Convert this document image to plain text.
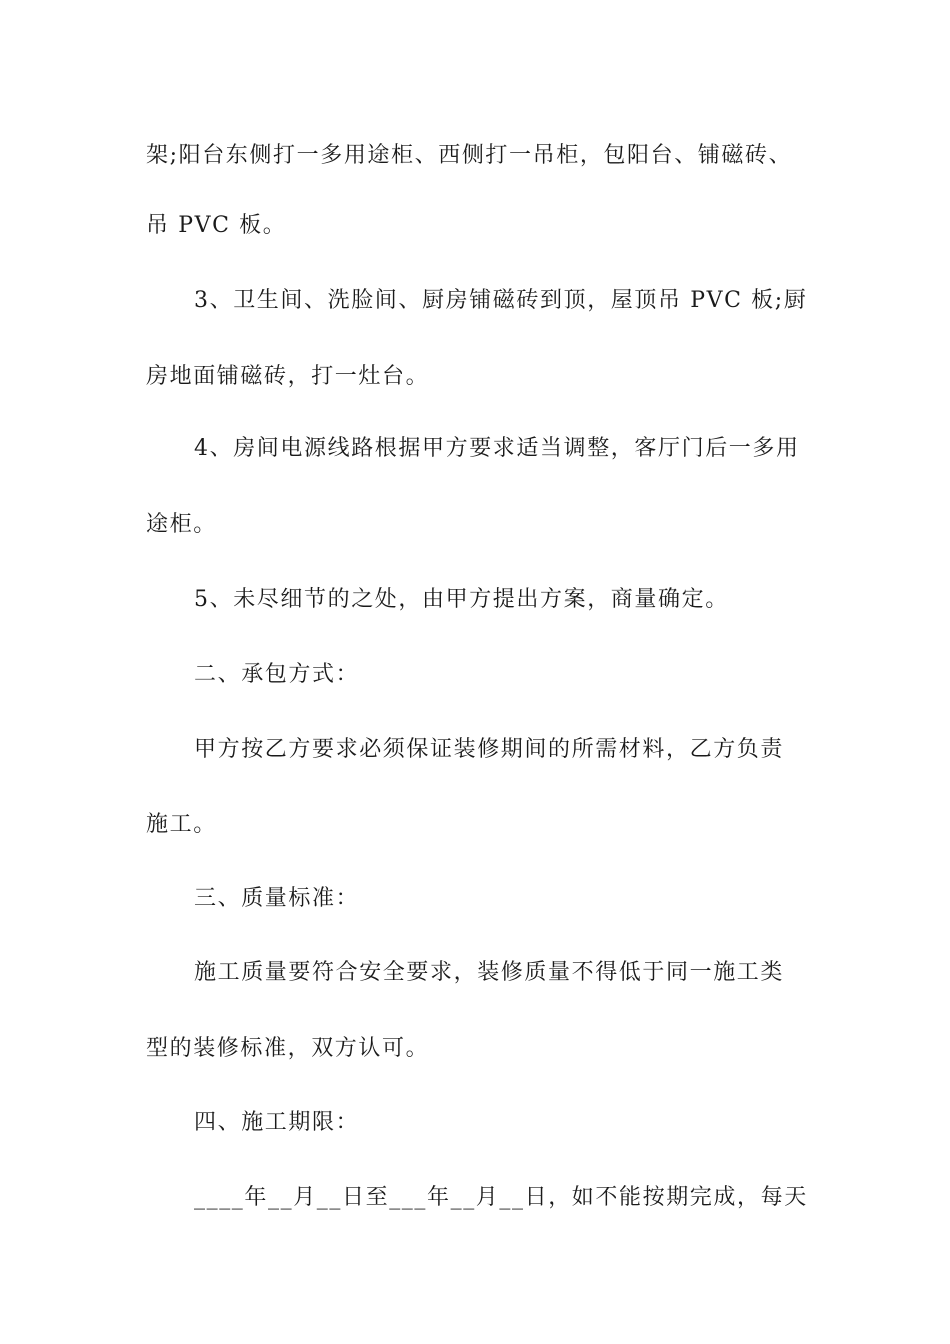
架;阳台东侧打一多用途柜、西侧打一吊柜，包阳台、铺磁砖、
吊 PVC 板。
3、卫生间、洗脸间、厨房铺磁砖到顶，屋顶吊 PVC 板;厨
房地面铺磁砖，打一灶台。
4、房间电源线路根据甲方要求适当调整，客厅门后一多用
途柜。
5、未尽细节的之处，由甲方提出方案，商量确定。
二、承包方式：
甲方按乙方要求必须保证装修期间的所需材料，乙方负责
施工。
三、质量标准：
施工质量要符合安全要求，装修质量不得低于同一施工类
型的装修标准，双方认可。
四、施工期限：
____年__月__日至___年__月__日，如不能按期完成，每天
